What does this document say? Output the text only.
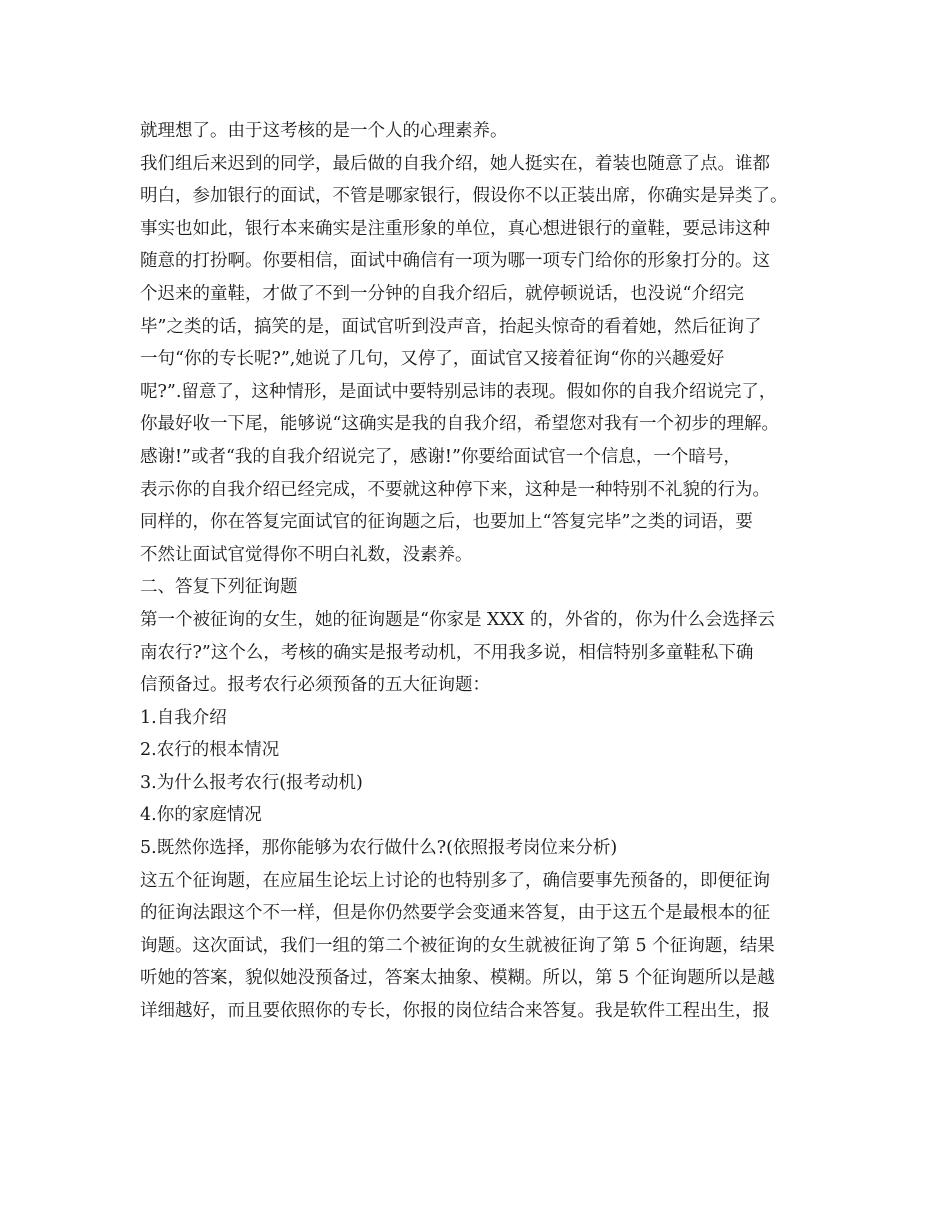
就理想了。由于这考核的是一个人的心理素养。

我们组后来迟到的同学，最后做的自我介绍，她人挺实在，着装也随意了点。谁都

明白，参加银行的面试，不管是哪家银行，假设你不以正装出席，你确实是异类了。

事实也如此，银行本来确实是注重形象的单位，真心想进银行的童鞋，要忌讳这种

随意的打扮啊。你要相信，面试中确信有一项为哪一项专门给你的形象打分的。这

个迟来的童鞋，才做了不到一分钟的自我介绍后，就停顿说话，也没说“介绍完

毕”之类的话，搞笑的是，面试官听到没声音，抬起头惊奇的看着她，然后征询了

一句“你的专长呢?”,她说了几句，又停了，面试官又接着征询“你的兴趣爱好

呢?”.留意了，这种情形，是面试中要特别忌讳的表现。假如你的自我介绍说完了，

你最好收一下尾，能够说“这确实是我的自我介绍，希望您对我有一个初步的理解。

感谢!”或者“我的自我介绍说完了，感谢!”你要给面试官一个信息，一个暗号，

表示你的自我介绍已经完成，不要就这种停下来，这种是一种特别不礼貌的行为。

同样的，你在答复完面试官的征询题之后，也要加上“答复完毕”之类的词语，要

不然让面试官觉得你不明白礼数，没素养。

二、答复下列征询题

第一个被征询的女生，她的征询题是“你家是 XXX 的，外省的，你为什么会选择云

南农行?”这个么，考核的确实是报考动机，不用我多说，相信特别多童鞋私下确

信预备过。报考农行必须预备的五大征询题：

1.自我介绍

2.农行的根本情况

3.为什么报考农行(报考动机)

4.你的家庭情况

5.既然你选择，那你能够为农行做什么?(依照报考岗位来分析)

这五个征询题，在应届生论坛上讨论的也特别多了，确信要事先预备的，即便征询

的征询法跟这个不一样，但是你仍然要学会变通来答复，由于这五个是最根本的征

询题。这次面试，我们一组的第二个被征询的女生就被征询了第 5 个征询题，结果

听她的答案，貌似她没预备过，答案太抽象、模糊。所以，第 5 个征询题所以是越

详细越好，而且要依照你的专长，你报的岗位结合来答复。我是软件工程出生，报
